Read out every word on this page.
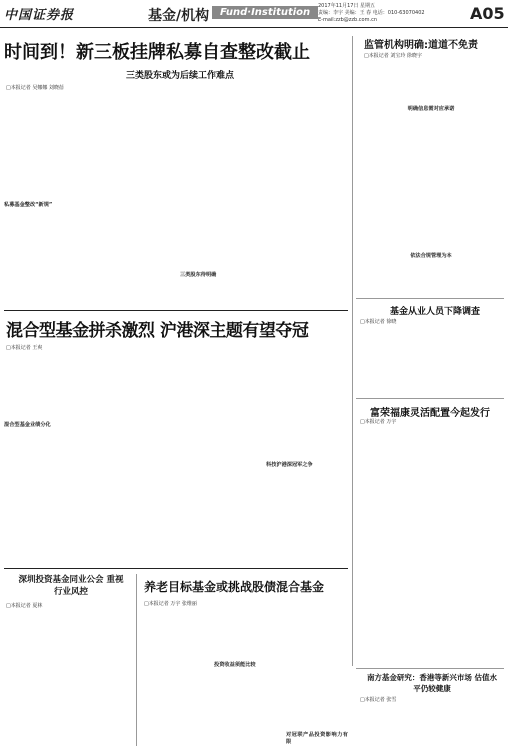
中国证券报	基金/机构	Fund·Institution
2017年11月17日 星期五
责编：李宇 美编：王 春 电话：010-63070402
E-mail:zzb@zzb.com.cn	A05
时间到！新三板挂牌私募自查整改截止
三类股东或为后续工作难点
□本报记者 吴娜娜 刘晓蓓
私募基金整改“新规”
三类股东待明确
监管机构明确:道道不免责
□本报记者 刘宝玲 徐晓宇
明确信息需对应承诺
依法合规管理为本
基金从业人员下降调查
□本报记者 徐晓
富荣福康灵活配置今起发行
□本报记者 万宇
混合型基金拼杀激烈 沪港深主题有望夺冠
□本报记者 王爽
混合型基金业绩分化
科技沪港深冠军之争
深圳投资基金同业公会 重视行业风控
□本报记者 夏林
养老目标基金或挑战股债混合基金
□本报记者 万宇 张维丽
投资收益须能比较
对冠联产品投资影响力有限
南方基金研究：香港等新兴市场 估值水平仍较健康
□本报记者 张雪
